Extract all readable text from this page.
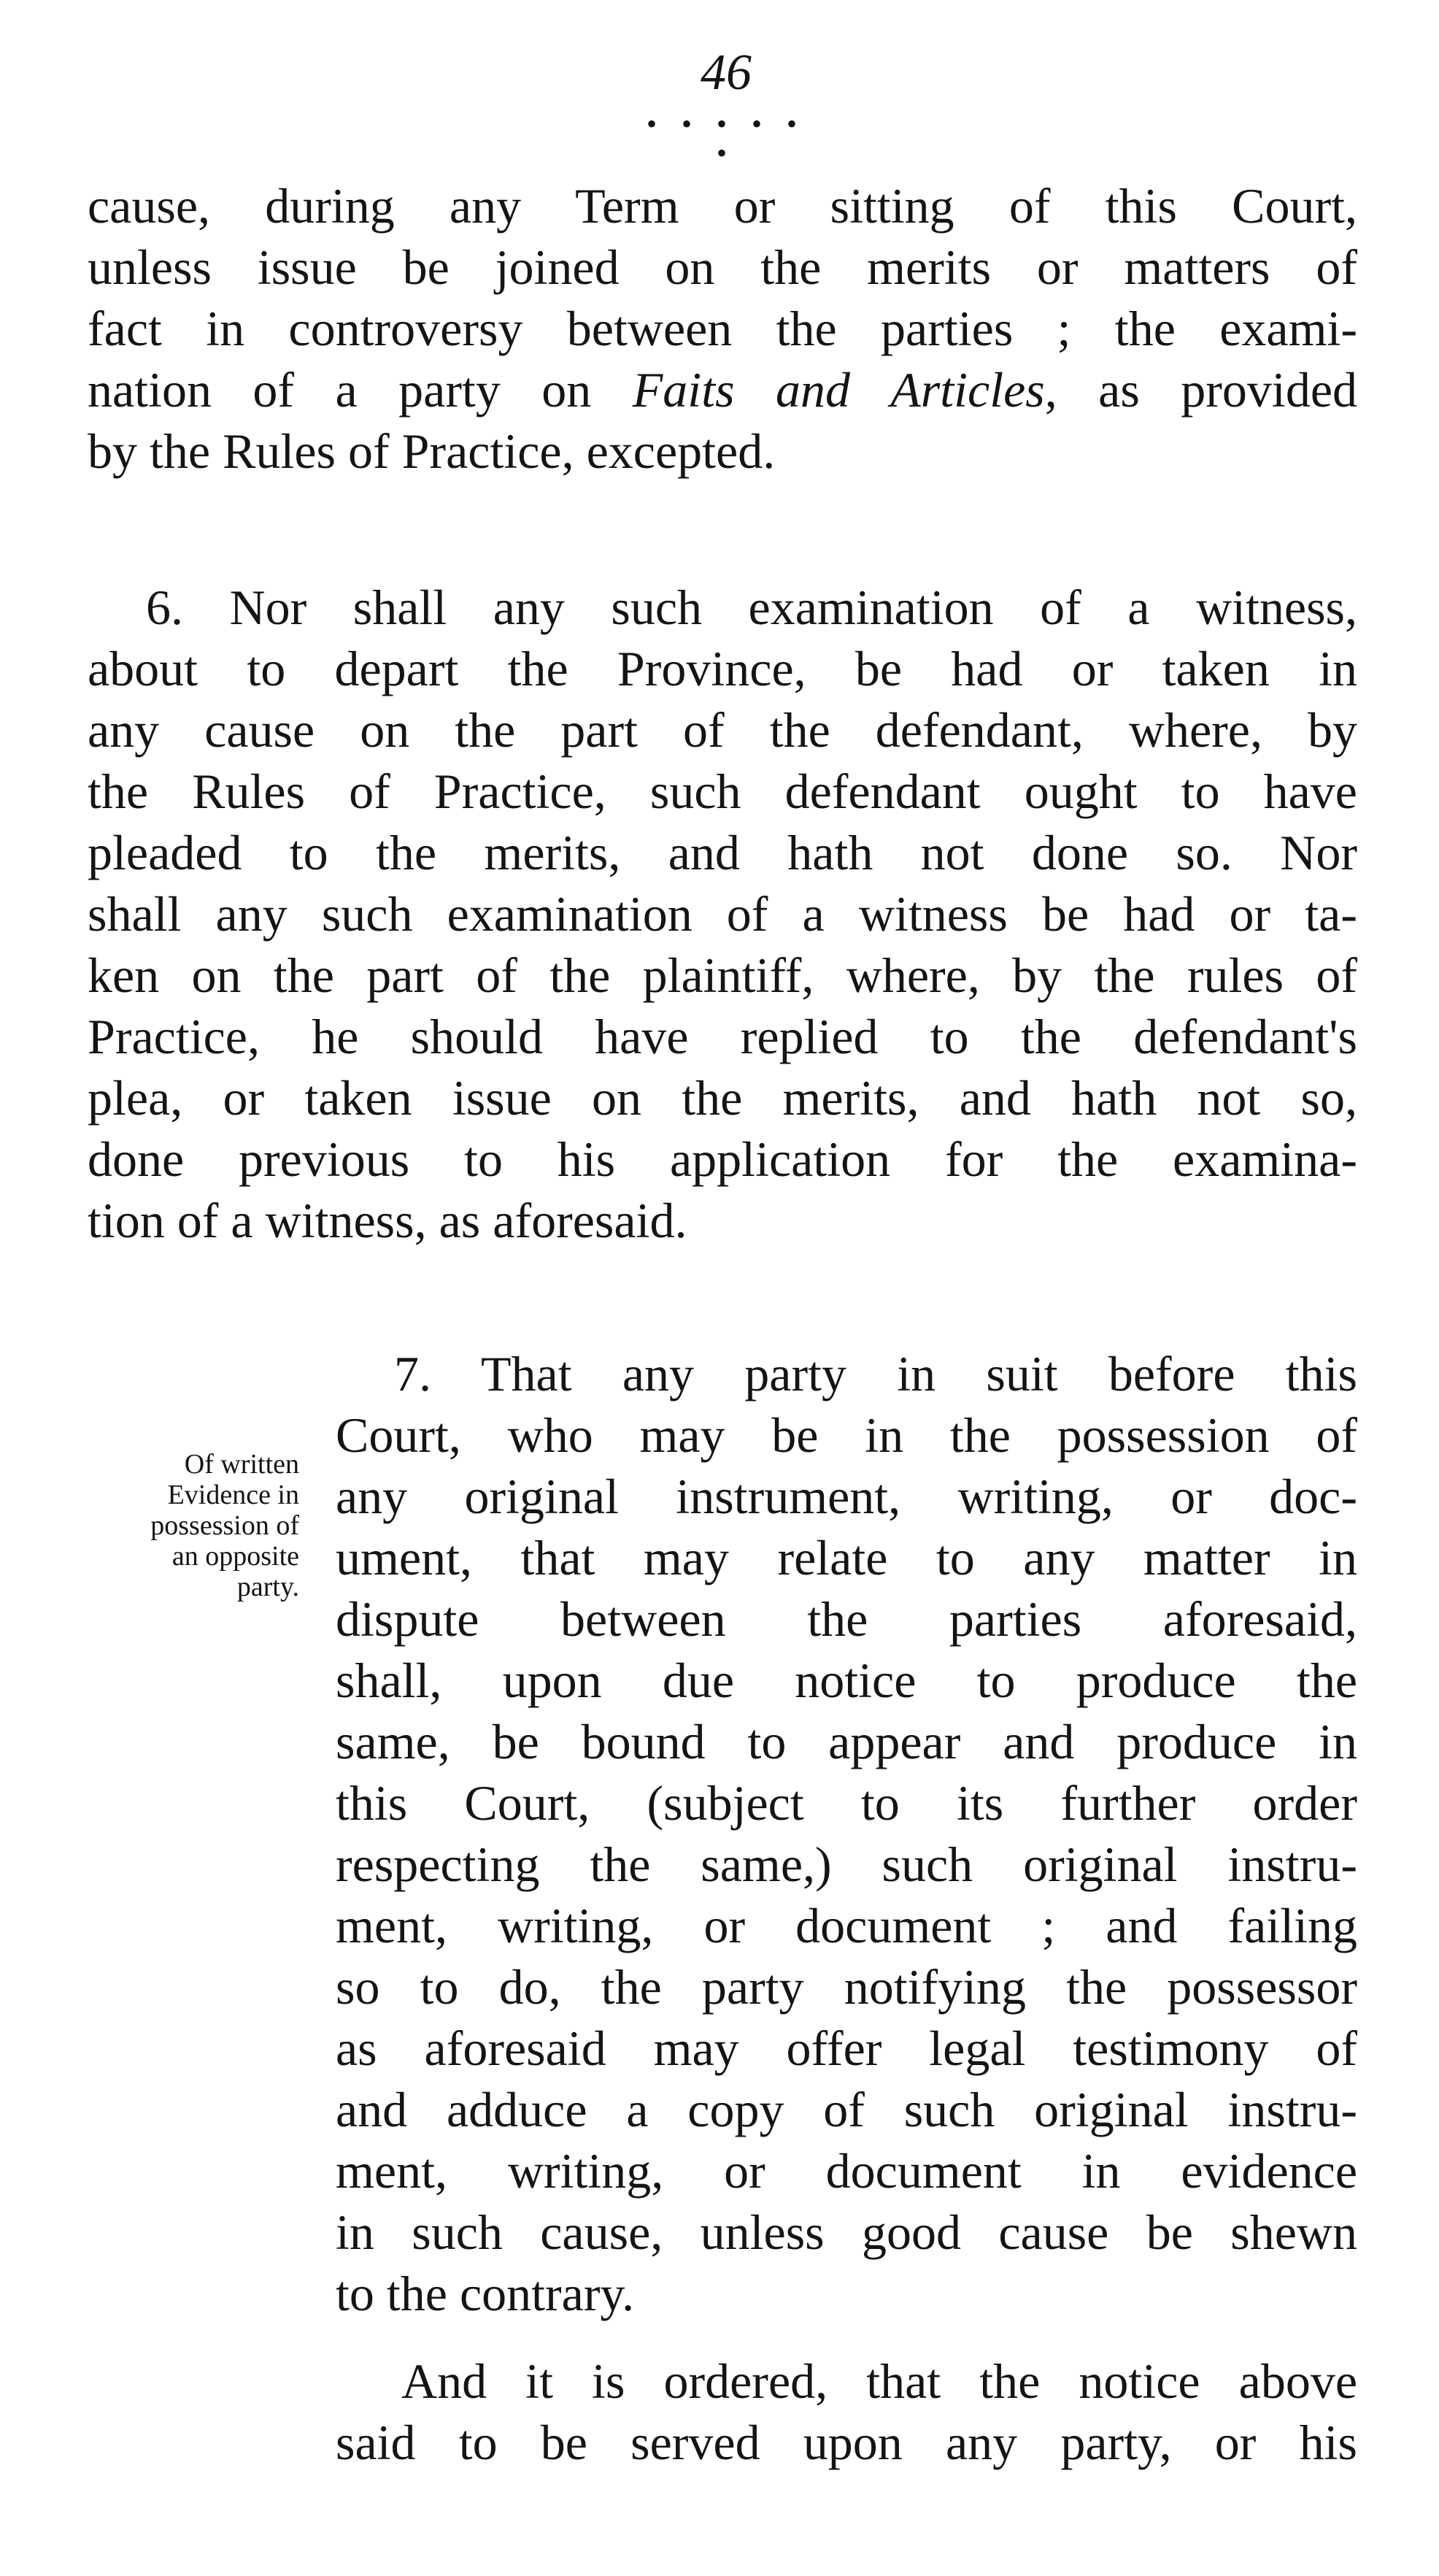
46
• • • • • •
cause, during any Term or sitting of this Court,
unless issue be joined on the merits or matters of
fact in controversy between the parties ; the exami-
nation of a party on Faits and Articles, as provided
by the Rules of Practice, excepted.
6. Nor shall any such examination of a witness,
about to depart the Province, be had or taken in
any cause on the part of the defendant, where, by
the Rules of Practice, such defendant ought to have
pleaded to the merits, and hath not done so. Nor
shall any such examination of a witness be had or ta-
ken on the part of the plaintiff, where, by the rules of
Practice, he should have replied to the defendant's
plea, or taken issue on the merits, and hath not so,
done previous to his application for the examina-
tion of a witness, as aforesaid.
Of written
Evidence in
possession of
an opposite
party.
7. That any party in suit before this
Court, who may be in the possession of
any original instrument, writing, or doc-
ument, that may relate to any matter in
dispute between the parties aforesaid,
shall, upon due notice to produce the
same, be bound to appear and produce in
this Court, (subject to its further order
respecting the same,) such original instru-
ment, writing, or document ; and failing
so to do, the party notifying the possessor
as aforesaid may offer legal testimony of
and adduce a copy of such original instru-
ment, writing, or document in evidence
in such cause, unless good cause be shewn
to the contrary.
And it is ordered, that the notice above
said to be served upon any party, or his
